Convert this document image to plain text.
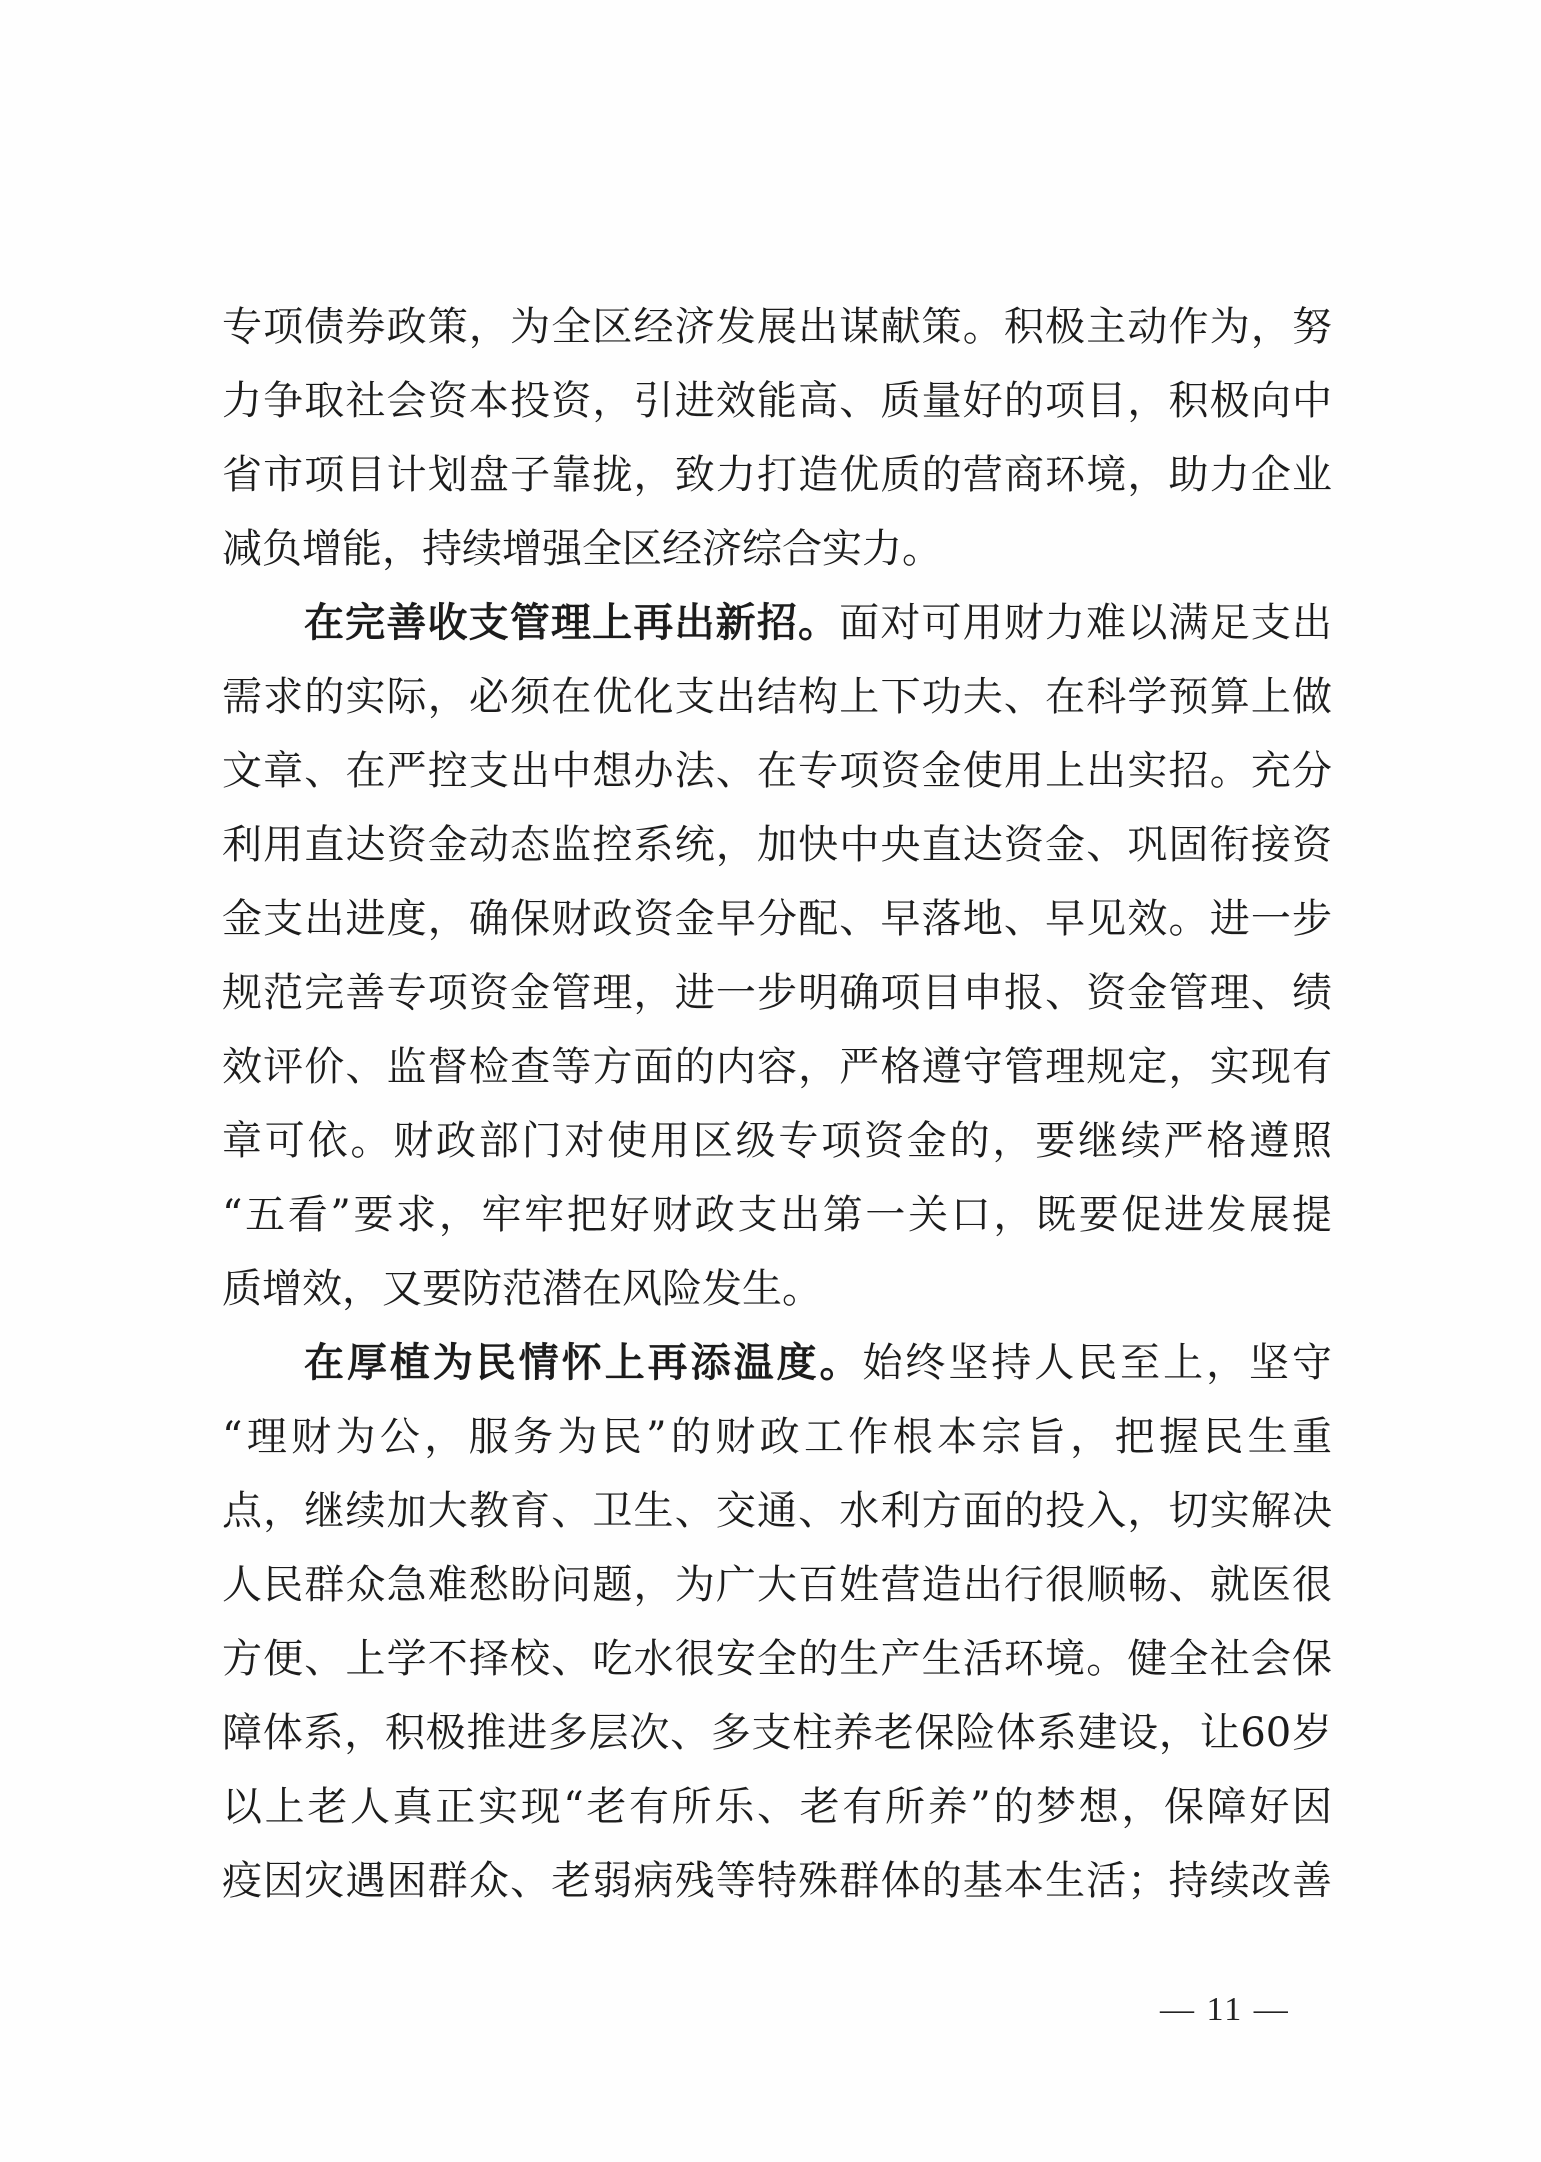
专项债券政策，为全区经济发展出谋献策。积极主动作为，努
力争取社会资本投资，引进效能高、质量好的项目，积极向中
省市项目计划盘子靠拢，致力打造优质的营商环境，助力企业
减负增能，持续增强全区经济综合实力。
在完善收支管理上再出新招。面对可用财力难以满足支出
需求的实际，必须在优化支出结构上下功夫、在科学预算上做
文章、在严控支出中想办法、在专项资金使用上出实招。充分
利用直达资金动态监控系统，加快中央直达资金、巩固衔接资
金支出进度，确保财政资金早分配、早落地、早见效。进一步
规范完善专项资金管理，进一步明确项目申报、资金管理、绩
效评价、监督检查等方面的内容，严格遵守管理规定，实现有
章可依。财政部门对使用区级专项资金的，要继续严格遵照
“五看”要求，牢牢把好财政支出第一关口，既要促进发展提
质增效，又要防范潜在风险发生。
在厚植为民情怀上再添温度。始终坚持人民至上，坚守
“理财为公，服务为民”的财政工作根本宗旨，把握民生重
点，继续加大教育、卫生、交通、水利方面的投入，切实解决
人民群众急难愁盼问题，为广大百姓营造出行很顺畅、就医很
方便、上学不择校、吃水很安全的生产生活环境。健全社会保
障体系，积极推进多层次、多支柱养老保险体系建设，让60岁
以上老人真正实现“老有所乐、老有所养”的梦想，保障好因
疫因灾遇困群众、老弱病残等特殊群体的基本生活；持续改善
— 11 —
